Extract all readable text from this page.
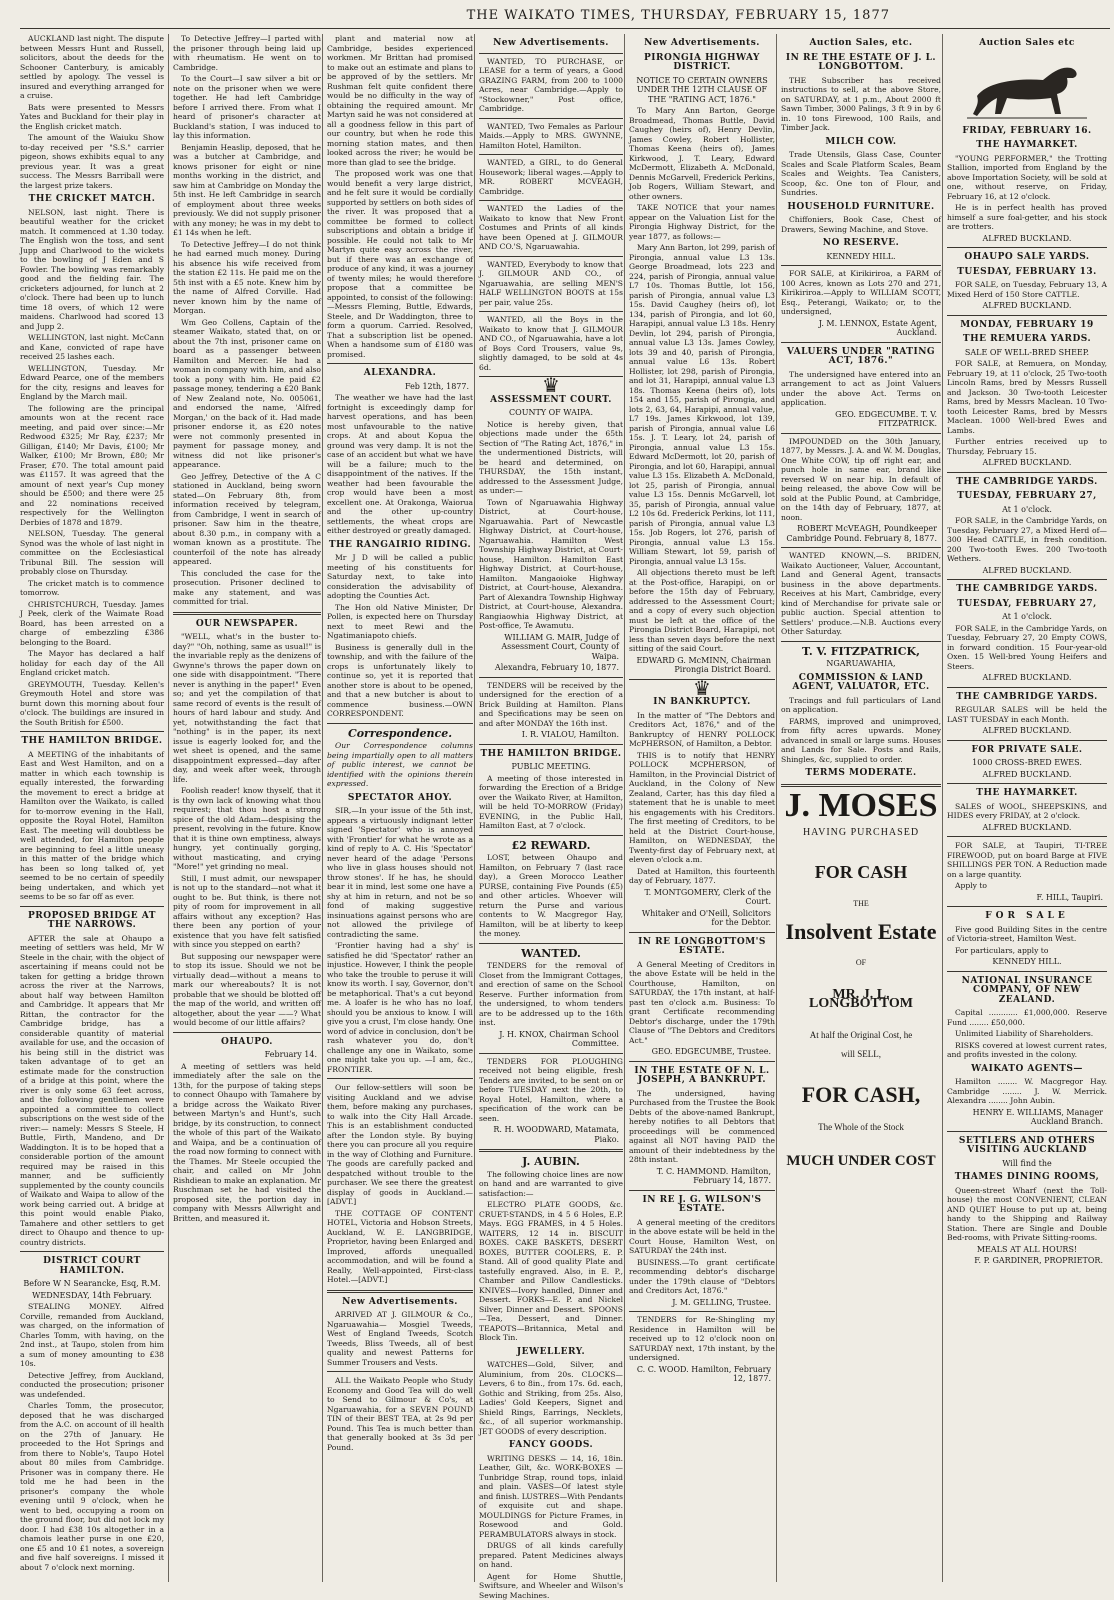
THE WAIKATO TIMES, THURSDAY, FEBRUARY 15, 1877

AUCKLAND last night. The dispute between Messrs Hunt and Russell, solicitors, about the deeds for the Schooner Canterbury, is amicably settled by apology. The vessel is insured and everything arranged for a cruise.

Bats were presented to Messrs Yates and Buckland for their play in the English cricket match.

The amount of the Waiuku Show to-day received per "S.S." carrier pigeon, shows exhibits equal to any previous year. It was a great success. The Messrs Barriball were the largest prize takers.

THE CRICKET MATCH.

NELSON, last night. There is beautiful weather for the cricket match. It commenced at 1.30 today. The English won the toss, and sent Jupp and Charlwood to the wickets to the bowling of J Eden and S Fowler. The bowling was remarkably good and the fielding fair. The cricketers adjourned, for lunch at 2 o'clock. There had been up to lunch time 18 overs, of which 12 were maidens. Charlwood had scored 13 and Jupp 2.

WELLINGTON, last night. McCann and Kane, convicted of rape have received 25 lashes each.

WELLINGTON, Tuesday. Mr Edward Pearce, one of the members for the city, resigns and leaves for England by the March mail.

The following are the principal amounts won at the recent race meeting, and paid over since:—Mr Redwood £325; Mr Ray, £237; Mr Gilligan, £140; Mr Davis, £100; Mr Walker, £100; Mr Brown, £80; Mr Fraser, £70. The total amount paid was £1157. It was agreed that the amount of next year's Cup money should be £500; and there were 25 and 22 nominations received respectively for the Wellington Derbies of 1878 and 1879.

NELSON, Tuesday. The general Synod was the whole of last night in committee on the Ecclesiastical Tribunal Bill. The session will probably close on Thursday.

The cricket match is to commence tomorrow.

CHRISTCHURCH, Tuesday. James J Peek, clerk of the Waimate Road Board, has been arrested on a charge of embezzling £386 belonging to the Board.

The Mayor has declared a half holiday for each day of the All England cricket match.

GREYMOUTH, Tuesday. Kellen's Greymouth Hotel and store was burnt down this morning about four o'clock. The buildings are insured in the South British for £500.

THE HAMILTON BRIDGE.

A MEETING of the inhabitants of East and West Hamilton, and on a matter in which each township is equally interested, the forwarding the movement to erect a bridge at Hamilton over the Waikato, is called for to-morrow evening in the Hall, opposite the Royal Hotel, Hamilton East. The meeting will doubtless be well attended, for Hamilton people are beginning to feel a little uneasy in this matter of the bridge which has been so long talked of, yet seemed to be no certain of speedily being undertaken, and which yet seems to be so far off as ever.

PROPOSED BRIDGE AT THE NARROWS.

AFTER the sale at Ohaupo a meeting of settlers was held, Mr W Steele in the chair, with the object of ascertaining if means could not be taken for getting a bridge thrown across the river at the Narrows, about half way between Hamilton and Cambridge. It appears that Mr Rittan, the contractor for the Cambridge bridge, has a considerable quantity of material available for use, and the occasion of his being still in the district was taken advantage of to get an estimate made for the construction of a bridge at this point, where the river is only some 63 feet across, and the following gentlemen were appointed a committee to collect subscriptions on the west side of the river:— namely: Messrs S Steele, H Buttle, Firth, Mandeno, and Dr Waddington. It is to be hoped that a considerable portion of the amount required may be raised in this manner, and be sufficiently supplemented by the county councils of Waikato and Waipa to allow of the work being carried out. A bridge at this point would enable Piako, Tamahere and other settlers to get direct to Ohaupo and thence to up-country districts.

DISTRICT COURT HAMILTON.
Before W N Searancke, Esq, R.M.
WEDNESDAY, 14th February.

STEALING MONEY. Alfred Corville, remanded from Auckland, was charged, on the information of Charles Tomm, with having, on the 2nd inst., at Taupo, stolen from him a sum of money amounting to £38 10s.

Detective Jeffrey, from Auckland, conducted the prosecution; prisoner was undefended.

Charles Tomm, the prosecutor, deposed that he was discharged from the A.C. on account of ill health on the 27th of January. He proceeded to the Hot Springs and from there to Noble's, Taupo Hotel about 80 miles from Cambridge. Prisoner was in company there. He told me he had been in the prisoner's company the whole evening until 9 o'clock, when he went to bed, occupying a room on the ground floor, but did not lock my door. I had £38 10s altogether in a chamois leather purse in one £20, one £5 and 10 £1 notes, a sovereign and five half sovereigns. I missed it about 7 o'clock next morning.

To Detective Jeffrey—I parted with the prisoner through being laid up with rheumatism. He went on to Cambridge.

To the Court—I saw silver a bit or note on the prisoner when we were together. He had left Cambridge before I arrived there. From what I heard of prisoner's character at Buckland's station, I was induced to lay this information.

Benjamin Heaslip, deposed, that he was a butcher at Cambridge, and knows prisoner for eight or nine months working in the district, and saw him at Cambridge on Monday the 5th inst. He left Cambridge in search of employment about three weeks previously. We did not supply prisoner with any money; he was in my debt to £1 14s when he left.

To Detective Jeffrey—I do not think he had earned much money. During his absence his wife received from the station £2 11s. He paid me on the 5th inst with a £5 note. Knew him by the name of Alfred Corville. Had never known him by the name of Morgan.

Wm Geo Collens, Captain of the steamer Waikato, stated that, on or about the 7th inst, prisoner came on board as a passenger between Hamilton and Mercer. He had a woman in company with him, and also took a pony with him. He paid £2 passage money, tendering a £20 Bank of New Zealand note, No. 005061, and endorsed the name, 'Alfred Morgan,' on the back of it. Had made prisoner endorse it, as £20 notes were not commonly presented in payment for passage money, and witness did not like prisoner's appearance.

Geo Jeffrey, Detective of the A C stationed in Auckland, being sworn stated—On February 8th, from information received by telegram, from Cambridge, I went in search of prisoner. Saw him in the theatre, about 8.30 p.m., in company with a woman known as a prostitute. The counterfoil of the note has already appeared.

This concluded the case for the prosecution. Prisoner declined to make any statement, and was committed for trial.

OUR NEWSPAPER.

"WELL, what's in the buster to-day?" "Oh, nothing, same as usual!" is the invariable reply as the denizens of Gwynne's throws the paper down on one side with disappointment. "There never is anything in the paper!" Even so; and yet the compilation of that same record of events is the result of hours of hard labour and study. And yet, notwithstanding the fact that "nothing" is in the paper, its next issue is eagerly looked for, and the wet sheet is opened, and the same disappointment expressed—day after day, and week after week, through life.

Foolish reader! know thyself, that it is thy own lack of knowing what thou requirest; that thou host a strong spice of the old Adam—despising the present, revolving in the future. Know that it is thine own emptiness, always hungry, yet continually gorging, without masticating, and crying "More!" yet grinding no meal.

Still, I must admit, our newspaper is not up to the standard—not what it ought to be. But think, is there not pity of room for improvement in all affairs without any exception? Has there been any portion of your existence that you have felt satisfied with since you stepped on earth?

But supposing our newspaper were to stop its issue. Should we not be virtually dead—without a means to mark our whereabouts? It is not probable that we should be blotted off the map of the world, and written off altogether, about the year ——? What would become of our little affairs?

OHAUPO.
February 14.

A meeting of settlers was held immediately after the sale on the 13th, for the purpose of taking steps to connect Ohaupo with Tamahere by a bridge across the Waikato River between Martyn's and Hunt's, such bridge, by its construction, to connect the whole of this part of the Waikato and Waipa, and be a continuation of the road now forming to connect with the Thames. Mr Steele occupied the chair, and called on Mr John Rishdiean to make an explanation. Mr Ruschman set he had visited the proposed site, the portion day in company with Messrs Allwright and Britten, and measured it.

plant and material now at Cambridge, besides experienced workmen. Mr Brittan had promised to make out an estimate and plans to be approved of by the settlers. Mr Rushman felt quite confident there would be no difficulty in the way of obtaining the required amount. Mr Martyn said he was not considered at all a goodness fellow in this part of our country, but when he rode this morning station mates, and then looked across the river; he would be more than glad to see the bridge.

The proposed work was one that would benefit a very large district, and he felt sure it would be cordially supported by settlers on both sides of the river. It was proposed that a committee be formed to collect subscriptions and obtain a bridge if possible. He could not talk to Mr Martyn quite easy across the river, but if there was an exchange of produce of any kind, it was a journey of twenty miles; he would therefore propose that a committee be appointed, to consist of the following:—Messrs Fleming, Buttle, Edwards, Steele, and Dr Waddington, three to form a quorum. Carried. Resolved, That a subscription list be opened. When a handsome sum of £180 was promised.

ALEXANDRA.
Feb 12th, 1877.

The weather we have had the last fortnight is exceedingly damp for harvest operations, and has been most unfavourable to the native crops. At and about Kopua the ground was very damp. It is not the case of an accident but what we have will be a failure; much to the disappointment of the natives. If the weather had been favourable the crop would have been a most excellent one. At Orakonga, Waiorua and the other up-country settlements, the wheat crops are either destroyed or greatly damaged.

THE RANGAIRIO RIDING.

Mr J D will be called a public meeting of his constituents for Saturday next, to take into consideration the advisability of adopting the Counties Act.

The Hon old Native Minister, Dr Pollen, is expected here on Thursday next to meet Rewi and the Ngatimaniapoto chiefs.

Business is generally dull in the township, and with the failure of the crops is unfortunately likely to continue so, yet it is reported that another store is about to be opened, and that a new butcher is about to commence business.—OWN CORRESPONDENT.

Correspondence.

Our Correspondence columns being impartially open to all matters of public interest, we cannot be identified with the opinions therein expressed.

SPECTATOR AHOY.

SIR,—In your issue of the 5th inst, appears a virtuously indignant letter signed 'Spectator' who is annoyed with 'Frontier' for what he wrote as a kind of reply to A. C. His 'Spectator' never heard of the adage 'Persons who live in glass houses should not throw stones'. If he has, he should bear it in mind, lest some one have a shy at him in return, and not be so fond of making suggestive insinuations against persons who are not allowed the privilege of contradicting the same.

'Frontier having had a shy' is satisfied he did 'Spectator' rather an injustice. However, I think the people who take the trouble to peruse it will know its worth. I say, Governor, don't be metaphorical. That's a cut beyond me. A loafer is he who has no loaf, should you be anxious to know. I will give you a crust, I'm close handy. One word of advice in conclusion, don't be rash whatever you do, don't challenge any one in Waikato, some one might take you up. —I am, &c., FRONTIER.

Our fellow-settlers will soon be visiting Auckland and we advise them, before making any purchases, to walk into the City Hall Arcade. This is an establishment conducted after the London style. By buying there you can procure all you require in the way of Clothing and Furniture. The goods are carefully packed and despatched without trouble to the purchaser. We see there the greatest display of goods in Auckland.—[ADVT.]

THE COTTAGE OF CONTENT HOTEL, Victoria and Hobson Streets, Auckland, W. E. LANGBRIDGE, Proprietor, having been Enlarged and Improved, affords unequalled accommodation, and will be found a Really, Well-appointed, First-class Hotel.—[ADVT.]

New Advertisements.

ARRIVED AT J. GILMOUR & Co., Ngaruawahia— Mosgiel Tweeds, West of England Tweeds, Scotch Tweeds, Bliss Tweeds, all of best quality and newest Patterns for Summer Trousers and Vests.

ALL the Waikato People who Study Economy and Good Tea will do well to Send to Gilmour & Co's, at Ngaruawahia, for a SEVEN POUND TIN of their BEST TEA, at 2s 9d per Pound. This Tea is much better than that generally booked at 3s 3d per Pound.

New Advertisements.

WANTED, TO PURCHASE, or LEASE for a term of years, a Good GRAZING FARM, from 200 to 1000 Acres, near Cambridge.—Apply to "Stockowner," Post office, Cambridge.

WANTED, Two Females as Parlour Maids.—Apply to MRS. GWYNNE, Hamilton Hotel, Hamilton.

WANTED, a GIRL, to do General Housework; liberal wages.—Apply to MR. ROBERT MCVEAGH, Cambridge.

WANTED the Ladies of the Waikato to know that New Front Costumes and Prints of all kinds have been Opened at J. GILMOUR AND CO.'S, Ngaruawahia.

WANTED, Everybody to know that J. GILMOUR AND CO., of Ngaruawahia, are selling MEN'S HALF WELLINGTON BOOTS at 15s per pair, value 25s.

WANTED, all the Boys in the Waikato to know that J. GILMOUR AND CO., of Ngaruawahia, have a lot of Boys Cord Trousers, value 9s, slightly damaged, to be sold at 4s 6d.

♛
ASSESSMENT COURT.
COUNTY OF WAIPA.

Notice is hereby given, that objections made under the 65th Section of "The Rating Act, 1876," in the undermentioned Districts, will be heard and determined, on THURSDAY, the 15th instant, addressed to the Assessment Judge, as under:—

Town of Ngaruawahia Highway District, at Court-house, Ngaruawahia. Part of Newcastle Highway District, at Court-house, Ngaruawahia. Hamilton West Township Highway District, at Court-house, Hamilton. Hamilton East Highway District, at Court-house, Hamilton. Mangaoioke Highway District, at Court-house, Alexandra. Part of Alexandra Township Highway District, at Court-house, Alexandra. Rangiaowhia Highway District, at Post-office, Te Awamutu.

WILLIAM G. MAIR, Judge of Assessment Court, County of Waipa.
Alexandra, February 10, 1877.

TENDERS will be received by the undersigned for the erection of a Brick Building at Hamilton. Plans and Specifications may be seen on and after MONDAY the 16th inst.

I. R. VIALOU, Hamilton.
THE HAMILTON BRIDGE.
PUBLIC MEETING.

A meeting of those interested in forwarding the Erection of a Bridge over the Waikato River, at Hamilton, will be held TO-MORROW (Friday) EVENING, in the Public Hall, Hamilton East, at 7 o'clock.

£2 REWARD.

LOST, between Ohaupo and Hamilton, on February 7 (last race day), a Green Morocco Leather PURSE, containing Five Pounds (£5) and other articles. Whoever will return the Purse and various contents to W. Macgregor Hay, Hamilton, will be at liberty to keep the money.

WANTED.

TENDERS for the removal of Closet from the Immigrant Cottages, and erection of same on the School Reserve. Further information from the undersigned, to whom tenders are to be addressed up to the 16th inst.

J. H. KNOX, Chairman School Committee.

TENDERS FOR PLOUGHING received not being eligible, fresh Tenders are invited, to be sent on or before TUESDAY next the 20th, to Royal Hotel, Hamilton, where a specification of the work can be seen.

R. H. WOODWARD, Matamata, Piako.
J. AUBIN.

The following choice lines are now on hand and are warranted to give satisfaction:—

ELECTRO PLATE GOODS, &c. CRUET-STANDS, in 4 5 6 Holes, E.P. Mays. EGG FRAMES, in 4 5 Holes. WAITERS, 12 14 in. BISCUIT BOXES. CAKE BASKETS, DESERT BOXES, BUTTER COOLERS, E. P. Stand. All of good quality Plate and tastefully engraved. Also, in E. P., Chamber and Pillow Candlesticks. KNIVES—Ivory handled, Dinner and Dessert. FORKS—E. P. and Nickel Silver, Dinner and Dessert. SPOONS—Tea, Dessert, and Dinner. TEAPOTS—Britannica, Metal and Block Tin.

JEWELLERY.

WATCHES—Gold, Silver, and Aluminium, from 20s. CLOCKS—Levers, 6 to 8in., from 17s. 6d. each, Gothic and Striking, from 25s. Also, Ladies' Gold Keepers, Signet and Shield Rings, Earrings, Necklets, &c., of all superior workmanship. JET GOODS of every description.

FANCY GOODS.

WRITING DESKS — 14, 16, 18in. Leather, Gilt, &c. WORK-BOXES — Tunbridge Strap, round tops, inlaid and plain. VASES—Of latest style and finish. LUSTRES—With Pendants of exquisite cut and shape. MOULDINGS for Picture Frames, in Rosewood and Gold. PERAMBULATORS always in stock.

DRUGS of all kinds carefully prepared. Patent Medicines always on hand.

Agent for Home Shuttle, Swiftsure, and Wheeler and Wilson's Sewing Machines.

New Advertisements.
PIRONGIA HIGHWAY DISTRICT.
NOTICE TO CERTAIN OWNERS UNDER THE 12TH CLAUSE OF THE "RATING ACT, 1876."

To Mary Ann Barton, George Broadmead, Thomas Buttle, David Caughey (heirs of), Henry Devlin, James Cowley, Robert Hollister, Thomas Keena (heirs of), James Kirkwood, J. T. Leary, Edward McDermott, Elizabeth A. McDonald, Dennis McGarvell, Frederick Perkins, Job Rogers, William Stewart, and other owners.

TAKE NOTICE that your names appear on the Valuation List for the Pirongia Highway District, for the year 1877, as follows:—

Mary Ann Barton, lot 299, parish of Pirongia, annual value L3 13s. George Broadmead, lots 223 and 224, parish of Pirongia, annual value L7 10s. Thomas Buttle, lot 156, parish of Pirongia, annual value L3 15s. David Caughey (heirs of), lot 134, parish of Pirongia, and lot 60, Harapipi, annual value L3 18s. Henry Devlin, lot 294, parish of Pirongia, annual value L3 13s. James Cowley, lots 39 and 40, parish of Pirongia, annual value L6 13s. Robert Hollister, lot 298, parish of Pirongia, and lot 31, Harapipi, annual value L3 18s. Thomas Keena (heirs of), lots 154 and 155, parish of Pirongia, and lots 2, 63, 64, Harapipi, annual value, L7 19s. James Kirkwood, lot 139, parish of Pirongia, annual value L6 15s. J. T. Leary, lot 24, parish of Pirongia, annual value L3 15s. Edward McDermott, lot 20, parish of Pirongia, and lot 60, Harapipi, annual value L3 15s. Elizabeth A. McDonald, lot 25, parish of Pirongia, annual value L3 15s. Dennis McGarvell, lot 35, parish of Pirongia, annual value L2 10s 6d. Frederick Perkins, lot 111, parish of Pirongia, annual value L3 15s. Job Rogers, lot 276, parish of Pirongia, annual value L3 15s. William Stewart, lot 59, parish of Pirongia, annual value L3 15s.

All objections thereto must be left at the Post-office, Harapipi, on or before the 15th day of February, addressed to the Assessment Court; and a copy of every such objection must be left at the office of the Pirongia District Board, Harapipi, not less than seven days before the next sitting of the said Court.

EDWARD G. McMINN, Chairman Pirongia District Board.
♛
IN BANKRUPTCY.

In the matter of "The Debtors and Creditors Act, 1876," and of the Bankruptcy of HENRY POLLOCK McPHERSON, of Hamilton, a Debtor.

THIS is to notify that HENRY POLLOCK MCPHERSON, of Hamilton, in the Provincial District of Auckland, in the Colony of New Zealand, Carter, has this day filed a statement that he is unable to meet his engagements with his Creditors. The first meeting of Creditors, to be held at the District Court-house, Hamilton, on WEDNESDAY, the Twenty-first day of February next, at eleven o'clock a.m.

Dated at Hamilton, this fourteenth day of February, 1877.

T. MONTGOMERY, Clerk of the Court.
Whitaker and O'Neill, Solicitors for the Debtor.
IN RE LONGBOTTOM'S ESTATE.

A General Meeting of Creditors in the above Estate will be held in the Courthouse, Hamilton, on SATURDAY, the 17th instant, at half-past ten o'clock a.m. Business: To grant Certificate recommending Debtor's discharge, under the 179th Clause of "The Debtors and Creditors Act."

GEO. EDGECUMBE, Trustee.
IN THE ESTATE OF N. L. JOSEPH, A BANKRUPT.

The undersigned, having Purchased from the Trustee the Book Debts of the above-named Bankrupt, hereby notifies to all Debtors that proceedings will be commenced against all NOT having PAID the amount of their indebtedness by the 28th instant.

T. C. HAMMOND. Hamilton, February 14, 1877.
IN RE J. G. WILSON'S ESTATE.

A general meeting of the creditors in the above estate will be held in the Court House, Hamilton West, on SATURDAY the 24th inst.

BUSINESS.—To grant certificate recommending debtor's discharge under the 179th clause of "Debtors and Creditors Act, 1876."

J. M. GELLING, Trustee.

TENDERS for Re-Shingling my Residence in Hamilton will be received up to 12 o'clock noon on SATURDAY next, 17th instant, by the undersigned.

C. C. WOOD. Hamilton, February 12, 1877.
Auction Sales, etc.
IN RE THE ESTATE OF J. L. LONGBOTTOM.

THE Subscriber has received instructions to sell, at the above Store, on SATURDAY, at 1 p.m., About 2000 ft Sawn Timber, 3000 Palings, 3 ft 9 in by 6 in. 10 tons Firewood, 100 Rails, and Timber Jack.

MILCH COW.

Trade Utensils, Glass Case, Counter Scales and Scale Platform Scales, Beam Scales and Weights. Tea Canisters, Scoop, &c. One ton of Flour, and Sundries.

HOUSEHOLD FURNITURE.

Chiffoniers, Book Case, Chest of Drawers, Sewing Machine, and Stove.

NO RESERVE.
KENNEDY HILL.

FOR SALE, at Kirikiriroa, a FARM of 100 Acres, known as Lots 270 and 271, Kirikiriroa.—Apply to WILLIAM SCOTT, Esq., Peterangi, Waikato; or, to the undersigned,

J. M. LENNOX, Estate Agent, Auckland.
VALUERS UNDER "RATING ACT, 1876."

The undersigned have entered into an arrangement to act as Joint Valuers under the above Act. Terms on application.

GEO. EDGECUMBE. T. V. FITZPATRICK.

IMPOUNDED on the 30th January, 1877, by Messrs. J. A. and W. M. Douglas, One White COW, tip off right ear, and punch hole in same ear, brand like reversed W on near hip. In default of being released, the above Cow will be sold at the Public Pound, at Cambridge, on the 14th day of February, 1877, at noon.

ROBERT McVEAGH, Poundkeeper Cambridge Pound. February 8, 1877.

WANTED KNOWN,—S. BRIDEN, Waikato Auctioneer, Valuer, Accountant, Land and General Agent, transacts business in the above departments. Receives at his Mart, Cambridge, every kind of Merchandise for private sale or public auction. Special attention to Settlers' produce.—N.B. Auctions every Other Saturday.

T. V. FITZPATRICK,
NGARUAWAHIA,
COMMISSION & LAND AGENT, VALUATOR, ETC.

Tracings and full particulars of Land on application.

FARMS, improved and unimproved, from fifty acres upwards. Money advanced in small or large sums. Houses and Lands for Sale. Posts and Rails, Shingles, &c, supplied to order.

TERMS MODERATE.
J. MOSES
HAVING PURCHASED
FOR CASH
THE
Insolvent Estate
OF
MR. J. L. LONGBOTTOM
At half the Original Cost, he
will SELL,
FOR CASH,
The Whole of the Stock
MUCH UNDER COST
Auction Sales etc
FRIDAY, FEBRUARY 16.
THE HAYMARKET.

"YOUNG PERFORMER," the Trotting Stallion, imported from England by the above Importation Society, will be sold at one, without reserve, on Friday, February 16, at 12 o'clock.

He is in perfect health has proved himself a sure foal-getter, and his stock are trotters.

ALFRED BUCKLAND.
OHAUPO SALE YARDS.
TUESDAY, FEBRUARY 13.

FOR SALE, on Tuesday, February 13, A Mixed Herd of 150 Store CATTLE.

ALFRED BUCKLAND.
MONDAY, FEBRUARY 19
THE REMUERA YARDS.
SALE OF WELL-BRED SHEEP.

FOR SALE, at Remuera, on Monday, February 19, at 11 o'clock, 25 Two-tooth Lincoln Rams, bred by Messrs Russell and Jackson. 30 Two-tooth Leicester Rams, bred by Messrs Maclean. 10 Two-tooth Leicester Rams, bred by Messrs Maclean. 1000 Well-bred Ewes and Lambs.

Further entries received up to Thursday, February 15.

ALFRED BUCKLAND.
THE CAMBRIDGE YARDS.
TUESDAY, FEBRUARY 27,
At 1 o'clock.

FOR SALE, in the Cambridge Yards, on Tuesday, February 27, a Mixed Herd of— 300 Head CATTLE, in fresh condition. 200 Two-tooth Ewes. 200 Two-tooth Wethers.

ALFRED BUCKLAND.
THE CAMBRIDGE YARDS.
TUESDAY, FEBRUARY 27,
At 1 o'clock.

FOR SALE, in the Cambridge Yards, on Tuesday, February 27, 20 Empty COWS, in forward condition. 15 Four-year-old Oxen. 15 Well-bred Young Heifers and Steers.

ALFRED BUCKLAND.
THE CAMBRIDGE YARDS.

REGULAR SALES will be held the LAST TUESDAY in each Month.

ALFRED BUCKLAND.
FOR PRIVATE SALE.
1000 CROSS-BRED EWES.
ALFRED BUCKLAND.
THE HAYMARKET.

SALES of WOOL, SHEEPSKINS, and HIDES every FRIDAY, at 2 o'clock.

ALFRED BUCKLAND.

FOR SALE, at Taupiri, TI-TREE FIREWOOD, put on board Barge at FIVE SHILLINGS PER TON. A Reduction made on a large quantity.

Apply to

F. HILL, Taupiri.
FOR SALE

Five good Building Sites in the centre of Victoria-street, Hamilton West.

For particulars, apply to

KENNEDY HILL.
NATIONAL INSURANCE COMPANY, OF NEW ZEALAND.

Capital ............ £1,000,000. Reserve Fund ........ £50,000.

Unlimited Liability of Shareholders.

RISKS covered at lowest current rates, and profits invested in the colony.

WAIKATO AGENTS—

Hamilton ........ W. Macgregor Hay. Cambridge ........ J. W. Merrick. Alexandra ........ John Aubin.

HENRY E. WILLIAMS, Manager Auckland Branch.
SETTLERS AND OTHERS VISITING AUCKLAND
Will find the
THAMES DINING ROOMS,

Queen-street Wharf (next the Toll-house) the most CONVENIENT, CLEAN AND QUIET House to put up at, being handy to the Shipping and Railway Station. There are Single and Double Bed-rooms, with Private Sitting-rooms.

MEALS AT ALL HOURS!
F. P. GARDINER, PROPRIETOR.
